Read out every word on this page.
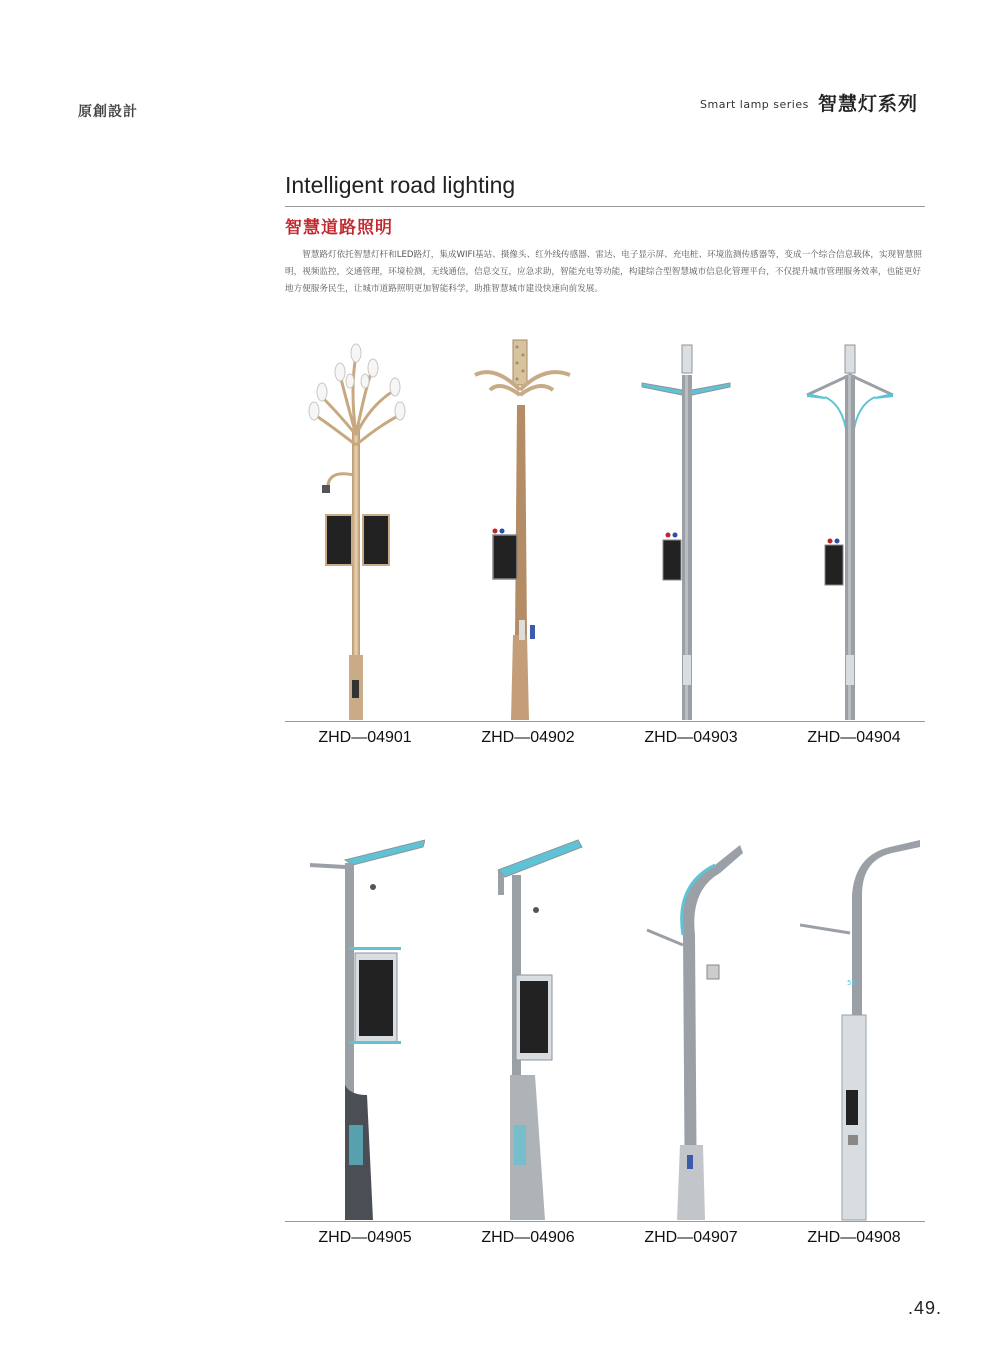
原創設計	Smart lamp series 智慧灯系列
Intelligent road lighting
智慧道路照明
智慧路灯依托智慧灯杆和LED路灯，集成WIFI基站、摄像头、红外线传感器、雷达、电子显示屏、充电桩、环境监测传感器等，变成一个综合信息载体，实现智慧照明，视频监控，交通管理，环境检测，无线通信，信息交互，应急求助，智能充电等功能，构建综合型智慧城市信息化管理平台，不仅提升城市管理服务效率，也能更好地方便服务民生，让城市道路照明更加智能科学，助推智慧城市建设快速向前发展。
ZHD—04901	ZHD—04902	ZHD—04903	ZHD—04904
5G
ZHD—04905	ZHD—04906	ZHD—04907	ZHD—04908
.49.
